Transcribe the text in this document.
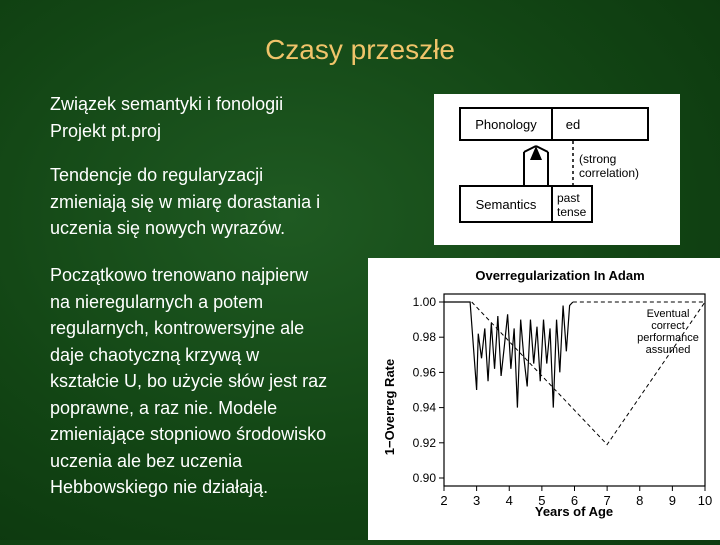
Czasy przeszłe
Związek semantyki i fonologii
Projekt pt.proj
Tendencje do regularyzacji
zmieniają się w miarę dorastania i
uczenia się nowych wyrazów.
Początkowo trenowano najpierw
na nieregularnych a potem
regularnych, kontrowersyjne ale
daje chaotyczną krzywą w
kształcie U, bo użycie słów jest raz
poprawne, a raz nie. Modele
zmieniające stopniowo środowisko
uczenia ale bez uczenia
Hebbowskiego nie działają.
Phonology ed
Semantics past
tense
(strong
correlation)
Overregularization In Adam
1−Overreg Rate
Years of Age
1.00
0.98
0.96
0.94
0.92
0.90
2 3 4 5 6 7 8 9 10
Eventual
correct
performance
assumed
